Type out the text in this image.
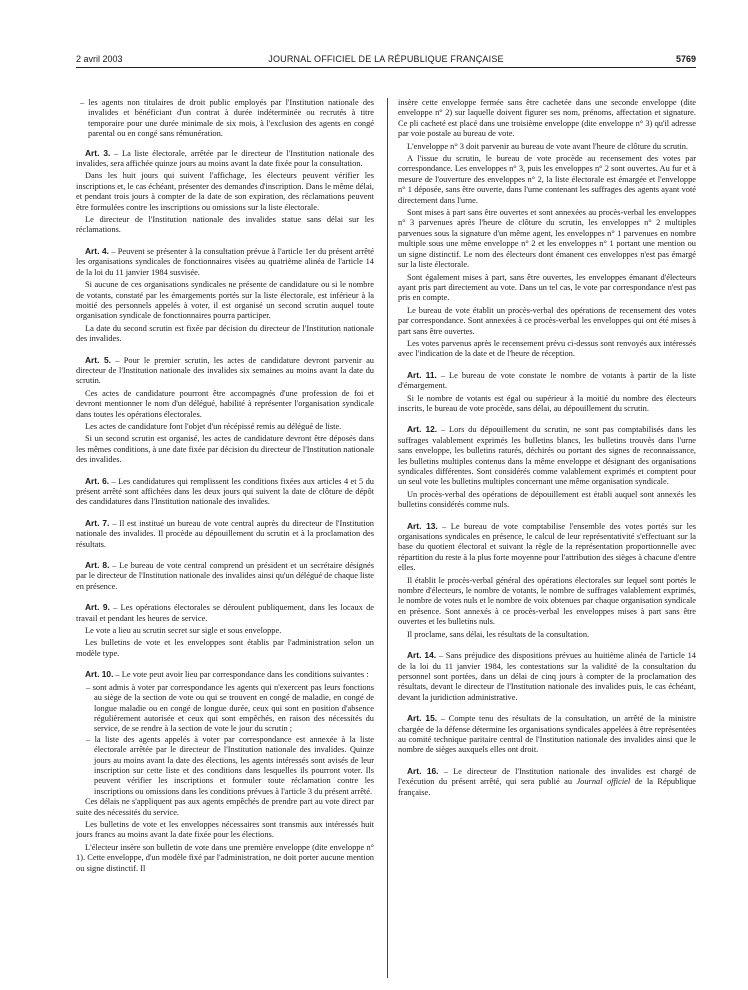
2 avril 2003	JOURNAL OFFICIEL DE LA RÉPUBLIQUE FRANÇAISE	5769

– les agents non titulaires de droit public employés par l'Institution nationale des invalides et bénéficiant d'un contrat à durée indéterminée ou recrutés à titre temporaire pour une durée minimale de six mois, à l'exclusion des agents en congé parental ou en congé sans rémunération.

Art. 3. – La liste électorale, arrêtée par le directeur de l'Institution nationale des invalides, sera affichée quinze jours au moins avant la date fixée pour la consultation.

Dans les huit jours qui suivent l'affichage, les électeurs peuvent vérifier les inscriptions et, le cas échéant, présenter des demandes d'inscription. Dans le même délai, et pendant trois jours à compter de la date de son expiration, des réclamations peuvent être formulées contre les inscriptions ou omissions sur la liste électorale.

Le directeur de l'Institution nationale des invalides statue sans délai sur les réclamations.

Art. 4. – Peuvent se présenter à la consultation prévue à l'article 1er du présent arrêté les organisations syndicales de fonctionnaires visées au quatrième alinéa de l'article 14 de la loi du 11 janvier 1984 susvisée.

Si aucune de ces organisations syndicales ne présente de candidature ou si le nombre de votants, constaté par les émargements portés sur la liste électorale, est inférieur à la moitié des personnels appelés à voter, il est organisé un second scrutin auquel toute organisation syndicale de fonctionnaires pourra participer.

La date du second scrutin est fixée par décision du directeur de l'Institution nationale des invalides.

Art. 5. – Pour le premier scrutin, les actes de candidature devront parvenir au directeur de l'Institution nationale des invalides six semaines au moins avant la date du scrutin.

Ces actes de candidature pourront être accompagnés d'une profession de foi et devront mentionner le nom d'un délégué, habilité à représenter l'organisation syndicale dans toutes les opérations électorales.

Les actes de candidature font l'objet d'un récépissé remis au délégué de liste.

Si un second scrutin est organisé, les actes de candidature devront être déposés dans les mêmes conditions, à une date fixée par décision du directeur de l'Institution nationale des invalides.

Art. 6. – Les candidatures qui remplissent les conditions fixées aux articles 4 et 5 du présent arrêté sont affichées dans les deux jours qui suivent la date de clôture de dépôt des candidatures dans l'Institution nationale des invalides.

Art. 7. – Il est institué un bureau de vote central auprès du directeur de l'Institution nationale des invalides. Il procède au dépouillement du scrutin et à la proclamation des résultats.

Art. 8. – Le bureau de vote central comprend un président et un secrétaire désignés par le directeur de l'Institution nationale des invalides ainsi qu'un délégué de chaque liste en présence.

Art. 9. – Les opérations électorales se déroulent publiquement, dans les locaux de travail et pendant les heures de service.

Le vote a lieu au scrutin secret sur sigle et sous enveloppe.

Les bulletins de vote et les enveloppes sont établis par l'administration selon un modèle type.

Art. 10. – Le vote peut avoir lieu par correspondance dans les conditions suivantes :

– sont admis à voter par correspondance les agents qui n'exercent pas leurs fonctions au siège de la section de vote ou qui se trouvent en congé de maladie, en congé de longue maladie ou en congé de longue durée, ceux qui sont en position d'absence régulièrement autorisée et ceux qui sont empêchés, en raison des nécessités du service, de se rendre à la section de vote le jour du scrutin ;

– la liste des agents appelés à voter par correspondance est annexée à la liste électorale arrêtée par le directeur de l'Institution nationale des invalides. Quinze jours au moins avant la date des élections, les agents intéressés sont avisés de leur inscription sur cette liste et des conditions dans lesquelles ils pourront voter. Ils peuvent vérifier les inscriptions et formuler toute réclamation contre les inscriptions ou omissions dans les conditions prévues à l'article 3 du présent arrêté.

Ces délais ne s'appliquent pas aux agents empêchés de prendre part au vote direct par suite des nécessités du service.

Les bulletins de vote et les enveloppes nécessaires sont transmis aux intéressés huit jours francs au moins avant la date fixée pour les élections.

L'électeur insère son bulletin de vote dans une première enveloppe (dite enveloppe n° 1). Cette enveloppe, d'un modèle fixé par l'administration, ne doit porter aucune mention ou signe distinctif. Il

insère cette enveloppe fermée sans être cachetée dans une seconde enveloppe (dite enveloppe n° 2) sur laquelle doivent figurer ses nom, prénoms, affectation et signature. Ce pli cacheté est placé dans une troisième enveloppe (dite enveloppe n° 3) qu'il adresse par voie postale au bureau de vote.

L'enveloppe n° 3 doit parvenir au bureau de vote avant l'heure de clôture du scrutin.

A l'issue du scrutin, le bureau de vote procède au recensement des votes par correspondance. Les enveloppes n° 3, puis les enveloppes n° 2 sont ouvertes. Au fur et à mesure de l'ouverture des enveloppes n° 2, la liste électorale est émargée et l'enveloppe n° 1 déposée, sans être ouverte, dans l'urne contenant les suffrages des agents ayant voté directement dans l'urne.

Sont mises à part sans être ouvertes et sont annexées au procès-verbal les enveloppes n° 3 parvenues après l'heure de clôture du scrutin, les enveloppes n° 2 multiples parvenues sous la signature d'un même agent, les enveloppes n° 1 parvenues en nombre multiple sous une même enveloppe n° 2 et les enveloppes n° 1 portant une mention ou un signe distinctif. Le nom des électeurs dont émanent ces enveloppes n'est pas émargé sur la liste électorale.

Sont également mises à part, sans être ouvertes, les enveloppes émanant d'électeurs ayant pris part directement au vote. Dans un tel cas, le vote par correspondance n'est pas pris en compte.

Le bureau de vote établit un procès-verbal des opérations de recensement des votes par correspondance. Sont annexées à ce procès-verbal les enveloppes qui ont été mises à part sans être ouvertes.

Les votes parvenus après le recensement prévu ci-dessus sont renvoyés aux intéressés avec l'indication de la date et de l'heure de réception.

Art. 11. – Le bureau de vote constate le nombre de votants à partir de la liste d'émargement.

Si le nombre de votants est égal ou supérieur à la moitié du nombre des électeurs inscrits, le bureau de vote procède, sans délai, au dépouillement du scrutin.

Art. 12. – Lors du dépouillement du scrutin, ne sont pas comptabilisés dans les suffrages valablement exprimés les bulletins blancs, les bulletins trouvés dans l'urne sans enveloppe, les bulletins raturés, déchirés ou portant des signes de reconnaissance, les bulletins multiples contenus dans la même enveloppe et désignant des organisations syndicales différentes. Sont considérés comme valablement exprimés et comptent pour un seul vote les bulletins multiples concernant une même organisation syndicale.

Un procès-verbal des opérations de dépouillement est établi auquel sont annexés les bulletins considérés comme nuls.

Art. 13. – Le bureau de vote comptabilise l'ensemble des votes portés sur les organisations syndicales en présence, le calcul de leur représentativité s'effectuant sur la base du quotient électoral et suivant la règle de la représentation proportionnelle avec répartition du reste à la plus forte moyenne pour l'attribution des sièges à chacune d'entre elles.

Il établit le procès-verbal général des opérations électorales sur lequel sont portés le nombre d'électeurs, le nombre de votants, le nombre de suffrages valablement exprimés, le nombre de votes nuls et le nombre de voix obtenues par chaque organisation syndicale en présence. Sont annexés à ce procès-verbal les enveloppes mises à part sans être ouvertes et les bulletins nuls.

Il proclame, sans délai, les résultats de la consultation.

Art. 14. – Sans préjudice des dispositions prévues au huitième alinéa de l'article 14 de la loi du 11 janvier 1984, les contestations sur la validité de la consultation du personnel sont portées, dans un délai de cinq jours à compter de la proclamation des résultats, devant le directeur de l'Institution nationale des invalides puis, le cas échéant, devant la juridiction administrative.

Art. 15. – Compte tenu des résultats de la consultation, un arrêté de la ministre chargée de la défense détermine les organisations syndicales appelées à être représentées au comité technique paritaire central de l'Institution nationale des invalides ainsi que le nombre de sièges auxquels elles ont droit.

Art. 16. – Le directeur de l'Institution nationale des invalides est chargé de l'exécution du présent arrêté, qui sera publié au Journal officiel de la République française.
